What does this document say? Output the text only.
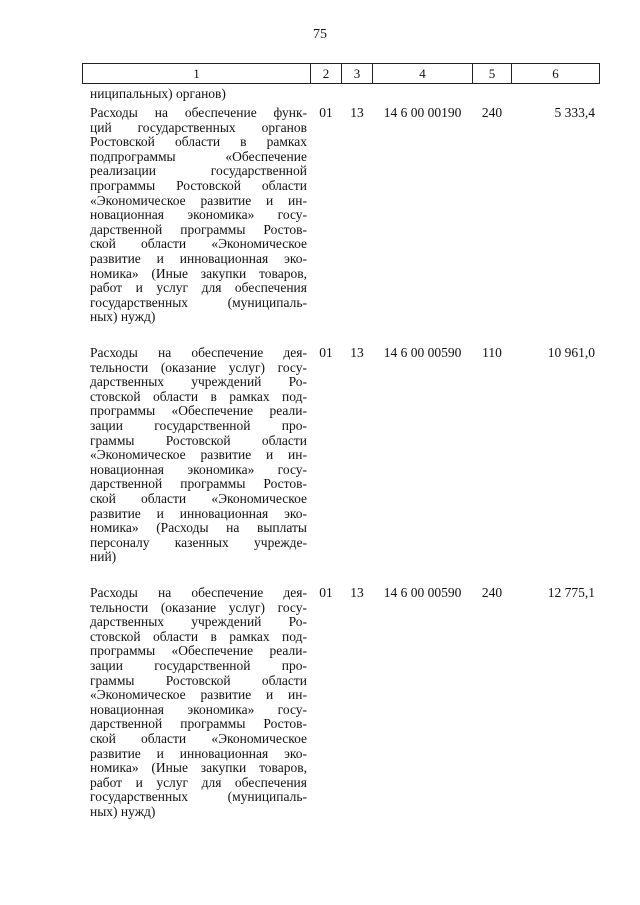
75
1	2	3	4	5	6
ниципальных) органов)
Расходы на обеспечение функ-
ций государственных органов
Ростовской области в рамках
подпрограммы «Обеспечение
реализации государственной
программы Ростовской области
«Экономическое развитие и ин-
новационная экономика» госу-
дарственной программы Ростов-
ской области «Экономическое
развитие и инновационная эко-
номика» (Иные закупки товаров,
работ и услуг для обеспечения
государственных (муниципаль-
ных) нужд)
01	13	14 6 00 00190	240	5 333,4
Расходы на обеспечение дея-
тельности (оказание услуг) госу-
дарственных учреждений Ро-
стовской области в рамках под-
программы «Обеспечение реали-
зации государственной про-
граммы Ростовской области
«Экономическое развитие и ин-
новационная экономика» госу-
дарственной программы Ростов-
ской области «Экономическое
развитие и инновационная эко-
номика» (Расходы на выплаты
персоналу казенных учрежде-
ний)
01	13	14 6 00 00590	110	10 961,0
Расходы на обеспечение дея-
тельности (оказание услуг) госу-
дарственных учреждений Ро-
стовской области в рамках под-
программы «Обеспечение реали-
зации государственной про-
граммы Ростовской области
«Экономическое развитие и ин-
новационная экономика» госу-
дарственной программы Ростов-
ской области «Экономическое
развитие и инновационная эко-
номика» (Иные закупки товаров,
работ и услуг для обеспечения
государственных (муниципаль-
ных) нужд)
01	13	14 6 00 00590	240	12 775,1
